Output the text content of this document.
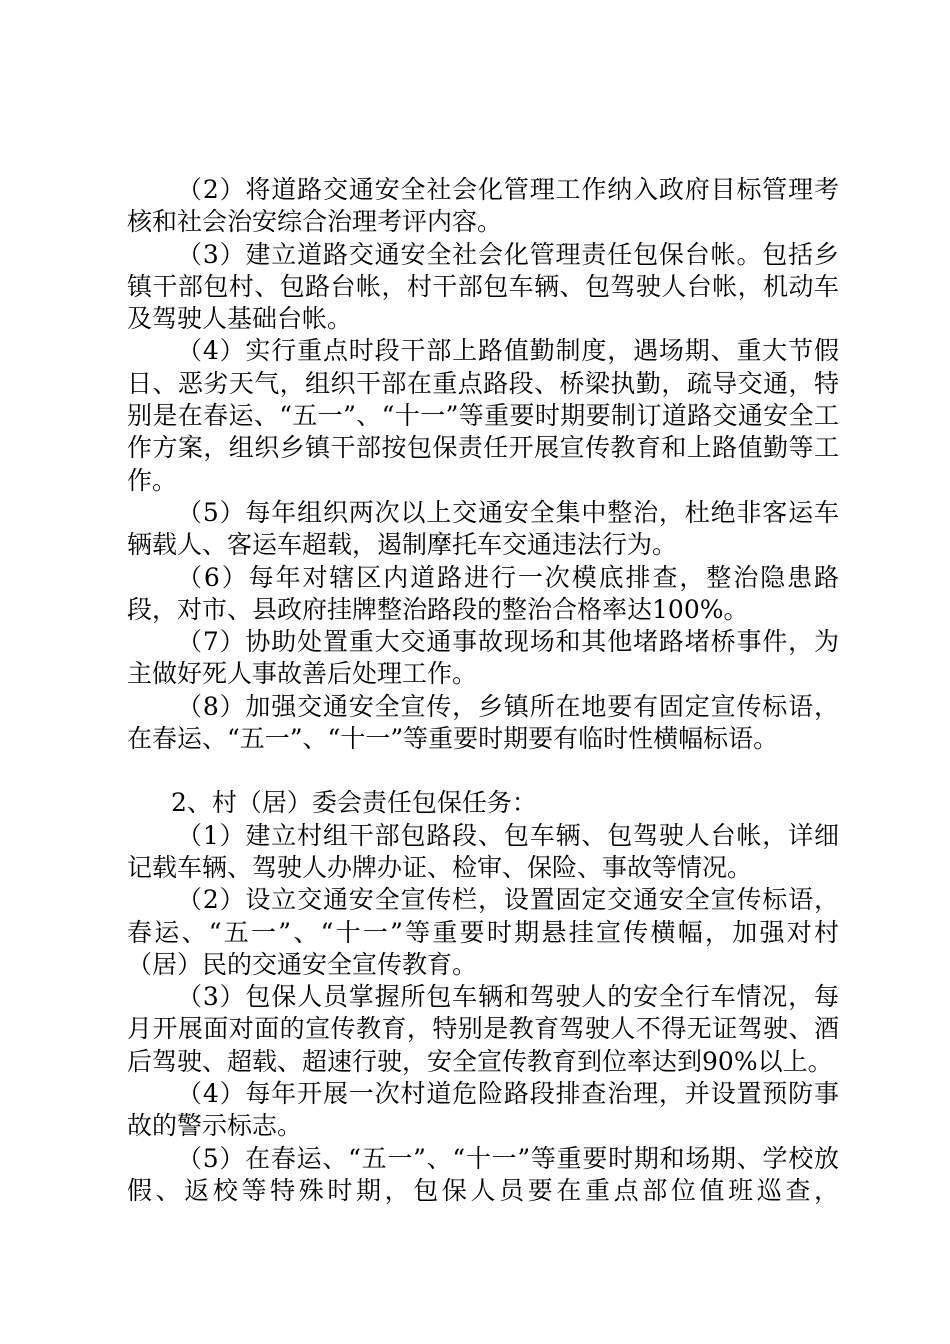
（2）将道路交通安全社会化管理工作纳入政府目标管理考核和社会治安综合治理考评内容。

（3）建立道路交通安全社会化管理责任包保台帐。包括乡镇干部包村、包路台帐，村干部包车辆、包驾驶人台帐，机动车及驾驶人基础台帐。

（4）实行重点时段干部上路值勤制度，遇场期、重大节假日、恶劣天气，组织干部在重点路段、桥梁执勤，疏导交通，特别是在春运、“五一”、“十一”等重要时期要制订道路交通安全工作方案，组织乡镇干部按包保责任开展宣传教育和上路值勤等工作。

（5）每年组织两次以上交通安全集中整治，杜绝非客运车辆载人、客运车超载，遏制摩托车交通违法行为。

（6）每年对辖区内道路进行一次模底排查，整治隐患路段，对市、县政府挂牌整治路段的整治合格率达100%。

（7）协助处置重大交通事故现场和其他堵路堵桥事件，为主做好死人事故善后处理工作。

（8）加强交通安全宣传，乡镇所在地要有固定宣传标语，在春运、“五一”、“十一”等重要时期要有临时性横幅标语。

2、村（居）委会责任包保任务：

（1）建立村组干部包路段、包车辆、包驾驶人台帐，详细记载车辆、驾驶人办牌办证、检审、保险、事故等情况。

（2）设立交通安全宣传栏，设置固定交通安全宣传标语，春运、“五一”、“十一”等重要时期悬挂宣传横幅，加强对村（居）民的交通安全宣传教育。

（3）包保人员掌握所包车辆和驾驶人的安全行车情况，每月开展面对面的宣传教育，特别是教育驾驶人不得无证驾驶、酒后驾驶、超载、超速行驶，安全宣传教育到位率达到90%以上。

（4）每年开展一次村道危险路段排查治理，并设置预防事故的警示标志。

（5）在春运、“五一”、“十一”等重要时期和场期、学校放假、返校等特殊时期，包保人员要在重点部位值班巡查，
